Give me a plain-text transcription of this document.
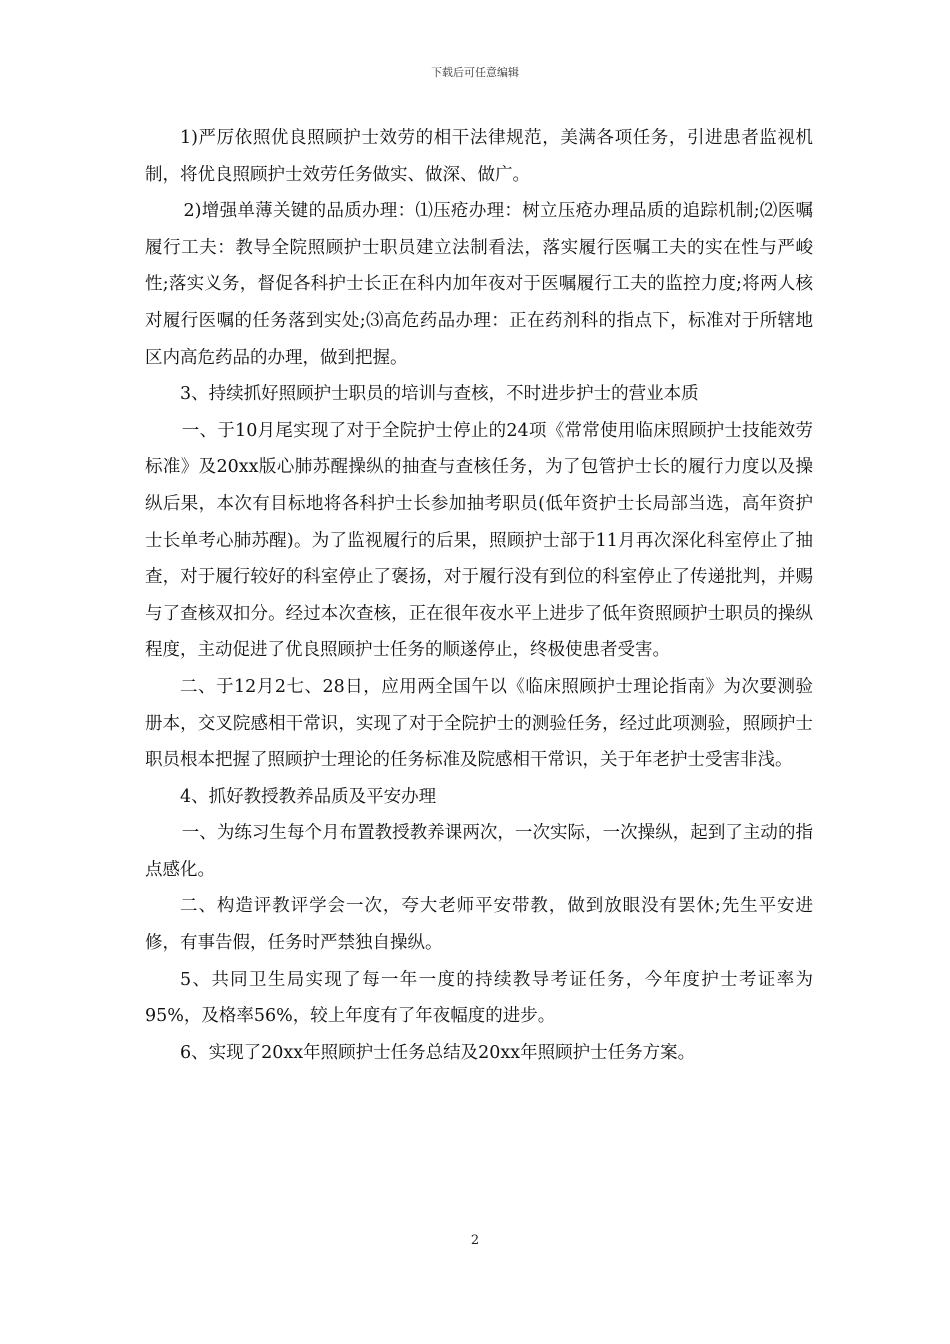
下载后可任意编辑

1)严厉依照优良照顾护士效劳的相干法律规范，美满各项任务，引进患者监视机制，将优良照顾护士效劳任务做实、做深、做广。

2)增强单薄关键的品质办理：⑴压疮办理：树立压疮办理品质的追踪机制;⑵医嘱履行工夫：教导全院照顾护士职员建立法制看法，落实履行医嘱工夫的实在性与严峻性;落实义务，督促各科护士长正在科内加年夜对于医嘱履行工夫的监控力度;将两人核对履行医嘱的任务落到实处;⑶高危药品办理：正在药剂科的指点下，标准对于所辖地区内高危药品的办理，做到把握。

3、持续抓好照顾护士职员的培训与查核，不时进步护士的营业本质

一、于10月尾实现了对于全院护士停止的24项《常常使用临床照顾护士技能效劳标准》及20xx版心肺苏醒操纵的抽查与查核任务，为了包管护士长的履行力度以及操纵后果，本次有目标地将各科护士长参加抽考职员(低年资护士长局部当选，高年资护士长单考心肺苏醒)。为了监视履行的后果，照顾护士部于11月再次深化科室停止了抽查，对于履行较好的科室停止了褒扬，对于履行没有到位的科室停止了传递批判，并赐与了查核双扣分。经过本次查核，正在很年夜水平上进步了低年资照顾护士职员的操纵程度，主动促进了优良照顾护士任务的顺遂停止，终极使患者受害。

二、于12月2七、28日，应用两全国午以《临床照顾护士理论指南》为次要测验册本，交叉院感相干常识，实现了对于全院护士的测验任务，经过此项测验，照顾护士职员根本把握了照顾护士理论的任务标准及院感相干常识，关于年老护士受害非浅。

4、抓好教授教养品质及平安办理

一、为练习生每个月布置教授教养课两次，一次实际，一次操纵，起到了主动的指点感化。

二、构造评教评学会一次，夸大老师平安带教，做到放眼没有罢休;先生平安进修，有事告假，任务时严禁独自操纵。

5、共同卫生局实现了每一年一度的持续教导考证任务，今年度护士考证率为95%，及格率56%，较上年度有了年夜幅度的进步。

6、实现了20xx年照顾护士任务总结及20xx年照顾护士任务方案。

2
